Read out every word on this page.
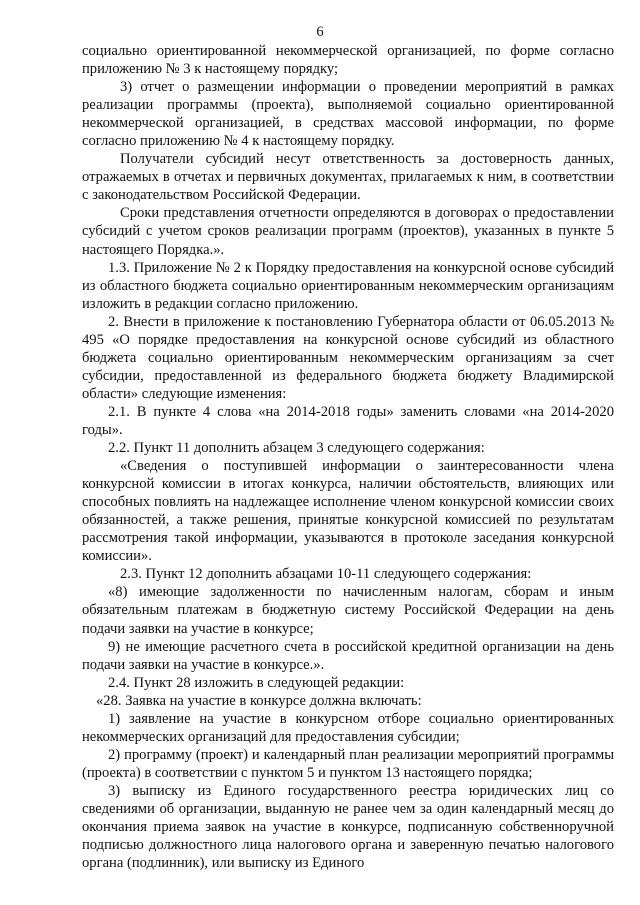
6

социально ориентированной некоммерческой организацией, по форме согласно приложению № 3 к настоящему порядку;

3) отчет о размещении информации о проведении мероприятий в рамках реализации программы (проекта), выполняемой социально ориентированной некоммерческой организацией, в средствах массовой информации, по форме согласно приложению № 4 к настоящему порядку.

Получатели субсидий несут ответственность за достоверность данных, отражаемых в отчетах и первичных документах, прилагаемых к ним, в соответствии с законодательством Российской Федерации.

Сроки представления отчетности определяются в договорах о предоставлении субсидий с учетом сроков реализации программ (проектов), указанных в пункте 5 настоящего Порядка.».

1.3. Приложение № 2 к Порядку предоставления на конкурсной основе субсидий из областного бюджета социально ориентированным некоммерческим организациям изложить в редакции согласно приложению.

2. Внести в приложение к постановлению Губернатора области от 06.05.2013 № 495 «О порядке предоставления на конкурсной основе субсидий из областного бюджета социально ориентированным некоммерческим организациям за счет субсидии, предоставленной из федерального бюджета бюджету Владимирской области» следующие изменения:

2.1. В пункте 4 слова «на 2014-2018 годы» заменить словами «на 2014-2020 годы».

2.2. Пункт 11 дополнить абзацем 3 следующего содержания:

«Сведения о поступившей информации о заинтересованности члена конкурсной комиссии в итогах конкурса, наличии обстоятельств, влияющих или способных повлиять на надлежащее исполнение членом конкурсной комиссии своих обязанностей, а также решения, принятые конкурсной комиссией по результатам рассмотрения такой информации, указываются в протоколе заседания конкурсной комиссии».

2.3. Пункт 12 дополнить абзацами 10-11 следующего содержания:

«8) имеющие задолженности по начисленным налогам, сборам и иным обязательным платежам в бюджетную систему Российской Федерации на день подачи заявки на участие в конкурсе;

9) не имеющие расчетного счета в российской кредитной организации на день подачи заявки на участие в конкурсе.».

2.4. Пункт 28 изложить в следующей редакции:

«28. Заявка на участие в конкурсе должна включать:

1) заявление на участие в конкурсном отборе социально ориентированных некоммерческих организаций для предоставления субсидии;

2) программу (проект) и календарный план реализации мероприятий программы (проекта) в соответствии с пунктом 5 и пунктом 13 настоящего порядка;

3) выписку из Единого государственного реестра юридических лиц со сведениями об организации, выданную не ранее чем за один календарный месяц до окончания приема заявок на участие в конкурсе, подписанную собственноручной подписью должностного лица налогового органа и заверенную печатью налогового органа (подлинник), или выписку из Единого
